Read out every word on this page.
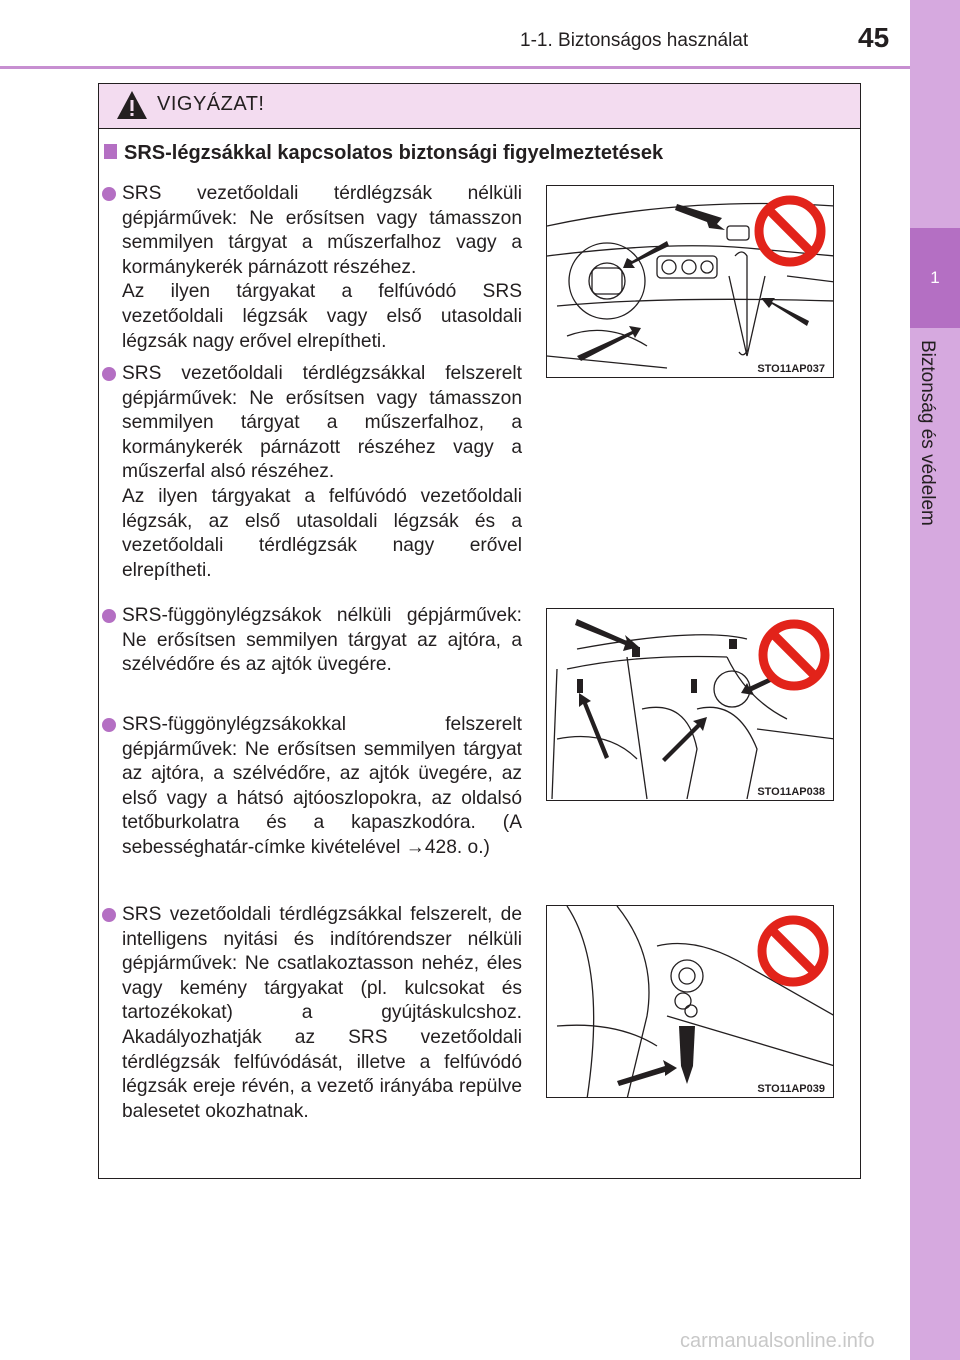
1-1. Biztonságos használat	45
1
Biztonság és védelem
VIGYÁZAT!
SRS-légzsákkal kapcsolatos biztonsági figyelmeztetések
SRS vezetőoldali térdlégzsák nélküli gépjárművek: Ne erősítsen vagy támasszon semmilyen tárgyat a műszerfalhoz vagy a kormánykerék párnázott részéhez.
Az ilyen tárgyakat a felfúvódó SRS vezetőoldali légzsák vagy első utasoldali légzsák nagy erővel elrepítheti.
SRS vezetőoldali térdlégzsákkal felszerelt gépjárművek: Ne erősítsen vagy támasszon semmilyen tárgyat a műszerfalhoz, a kormánykerék párnázott részéhez vagy a műszerfal alsó részéhez.
Az ilyen tárgyakat a felfúvódó vezetőoldali légzsák, az első utasoldali légzsák és a vezetőoldali térdlégzsák nagy erővel elrepítheti.
SRS-függönylégzsákok nélküli gépjárművek: Ne erősítsen semmilyen tárgyat az ajtóra, a szélvédőre és az ajtók üvegére.
SRS-függönylégzsákokkal felszerelt gépjárművek: Ne erősítsen semmilyen tárgyat az ajtóra, a szélvédőre, az ajtók üvegére, az első vagy a hátsó ajtóoszlopokra, az oldalsó tetőburkolatra és a kapaszkodóra. (A sebességhatár-címke kivételével →428. o.)
SRS vezetőoldali térdlégzsákkal felszerelt, de intelligens nyitási és indítórendszer nélküli gépjárművek: Ne csatlakoztasson nehéz, éles vagy kemény tárgyakat (pl. kulcsokat és tartozékokat) a gyújtáskulcshoz. Akadályozhatják az SRS vezetőoldali térdlégzsák felfúvódását, illetve a felfúvódó légzsák ereje révén, a vezető irányába repülve balesetet okozhatnak.
STO11AP037
STO11AP038
STO11AP039
carmanualsonline.info
